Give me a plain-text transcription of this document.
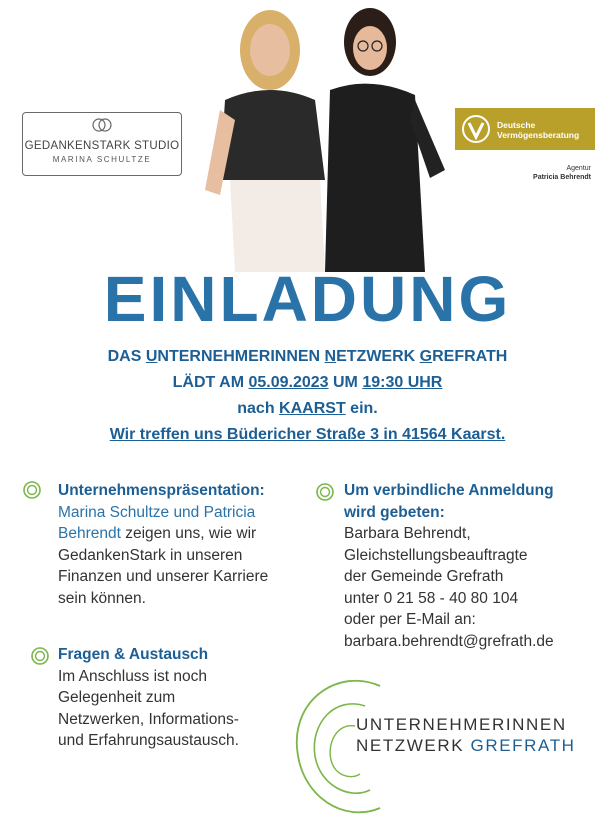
GEDANKENSTARK STUDIO
MARINA SCHULTZE
Deutsche
Vermögensberatung
Agentur
Patricia Behrendt
EINLADUNG
DAS UNTERNEHMERINNEN NETZWERK GREFRATH
LÄDT AM 05.09.2023 UM 19:30 UHR
nach KAARST ein.
Wir treffen uns Büdericher Straße 3 in 41564 Kaarst.
Unternehmenspräsentation:
Marina Schultze und Patricia
Behrendt zeigen uns, wie wir
GedankenStark in unseren
Finanzen und unserer Karriere
sein können.
Fragen & Austausch
Im Anschluss ist noch
Gelegenheit zum
Netzwerken, Informations-
und Erfahrungsaustausch.
Um verbindliche Anmeldung
wird gebeten:
Barbara Behrendt,
Gleichstellungsbeauftragte
der Gemeinde Grefrath
unter 0 21 58 - 40 80 104
oder per E-Mail an:
barbara.behrendt@grefrath.de
UNTERNEHMERINNEN
NETZWERK GREFRATH
